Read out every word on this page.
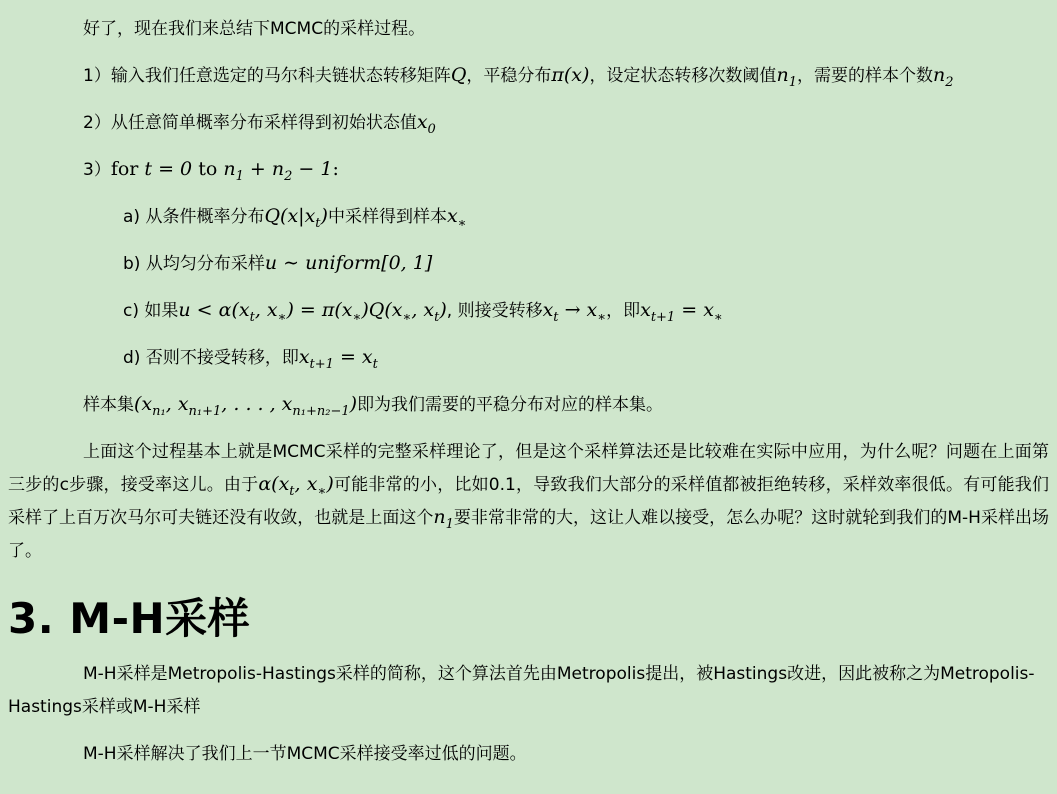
好了，现在我们来总结下MCMC的采样过程。

1）输入我们任意选定的马尔科夫链状态转移矩阵Q，平稳分布π(x)，设定状态转移次数阈值$n_1$，需要的样本个数$n_2$

2）从任意简单概率分布采样得到初始状态值$x_0$

3）for t = 0 to $n_1 + n_2 - 1$:

a) 从条件概率分布$Q(x|x_t)$中采样得到样本$x_∗$

b) 从均匀分布采样u ∼ uniform[0, 1]

c) 如果$u < \alpha(x_t$, $x_∗) = \pi(x_∗)Q(x_∗$, $x_t$), 则接受转移$x_t \to x_∗$，即$x_{t+1} = x_∗$

d) 否则不接受转移，即$x_{t+1} = x_t$

样本集($x_{n_1}$, $x_{n_1+1}$, . . . , $x_{n_1+n_2-1}$)即为我们需要的平稳分布对应的样本集。

上面这个过程基本上就是MCMC采样的完整采样理论了，但是这个采样算法还是比较难在实际中应用，为什么呢？问题在上面第三步的c步骤，接受率这儿。由于$\alpha(x_t$, $x_∗$)可能非常的小，比如0.1，导致我们大部分的采样值都被拒绝转移，采样效率很低。有可能我们采样了上百万次马尔可夫链还没有收敛，也就是上面这个$n_1$要非常非常的大，这让人难以接受，怎么办呢？这时就轮到我们的M-H采样出场了。

3. M-H采样

M-H采样是Metropolis-Hastings采样的简称，这个算法首先由Metropolis提出，被Hastings改进，因此被称之为Metropolis-Hastings采样或M-H采样

M-H采样解决了我们上一节MCMC采样接受率过低的问题。
